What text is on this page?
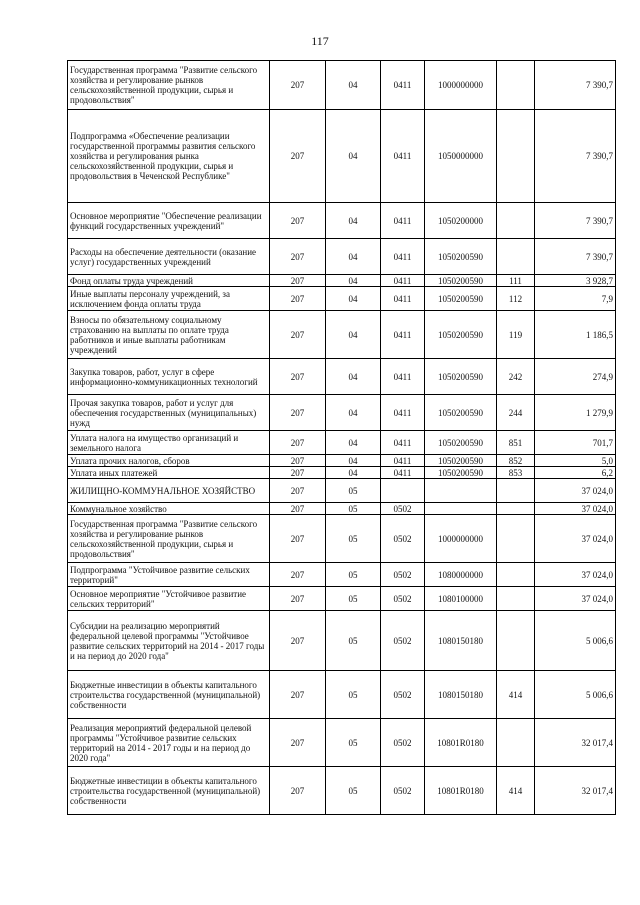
117
Государственная программа "Развитие сельского хозяйства и регулирование рынков сельскохозяйственной продукции, сырья и продовольствия"	207	04	0411	1000000000		7 390,7
Подпрограмма «Обеспечение реализации государственной программы развития сельского хозяйства и регулирования рынка сельскохозяйственной продукции, сырья и продовольствия в Чеченской Республике"	207	04	0411	1050000000		7 390,7
Основное мероприятие "Обеспечение реализации функций государственных учреждений"	207	04	0411	1050200000		7 390,7
Расходы на обеспечение деятельности (оказание услуг) государственных учреждений	207	04	0411	1050200590		7 390,7
Фонд оплаты труда учреждений	207	04	0411	1050200590	111	3 928,7
Иные выплаты персоналу учреждений, за исключением фонда оплаты труда	207	04	0411	1050200590	112	7,9
Взносы по обязательному социальному страхованию на выплаты по оплате труда работников и иные выплаты работникам учреждений	207	04	0411	1050200590	119	1 186,5
Закупка товаров, работ, услуг в сфере информационно-коммуникационных технологий	207	04	0411	1050200590	242	274,9
Прочая закупка товаров, работ и услуг для обеспечения государственных (муниципальных) нужд	207	04	0411	1050200590	244	1 279,9
Уплата налога на имущество организаций и земельного налога	207	04	0411	1050200590	851	701,7
Уплата прочих налогов, сборов	207	04	0411	1050200590	852	5,0
Уплата иных платежей	207	04	0411	1050200590	853	6,2
ЖИЛИЩНО-КОММУНАЛЬНОЕ ХОЗЯЙСТВО	207	05				37 024,0
Коммунальное хозяйство	207	05	0502			37 024,0
Государственная программа "Развитие сельского хозяйства и регулирование рынков сельскохозяйственной продукции, сырья и продовольствия"	207	05	0502	1000000000		37 024,0
Подпрограмма "Устойчивое развитие сельских территорий"	207	05	0502	1080000000		37 024,0
Основное мероприятие "Устойчивое развитие сельских территорий"	207	05	0502	1080100000		37 024,0
Субсидии на реализацию мероприятий федеральной целевой программы "Устойчивое развитие сельских территорий на 2014 - 2017 годы и на период до 2020 года"	207	05	0502	1080150180		5 006,6
Бюджетные инвестиции в объекты капитального строительства государственной (муниципальной) собственности	207	05	0502	1080150180	414	5 006,6
Реализация мероприятий федеральной целевой программы "Устойчивое развитие сельских территорий на 2014 - 2017 годы и на период до 2020 года"	207	05	0502	10801R0180		32 017,4
Бюджетные инвестиции в объекты капитального строительства государственной (муниципальной) собственности	207	05	0502	10801R0180	414	32 017,4
